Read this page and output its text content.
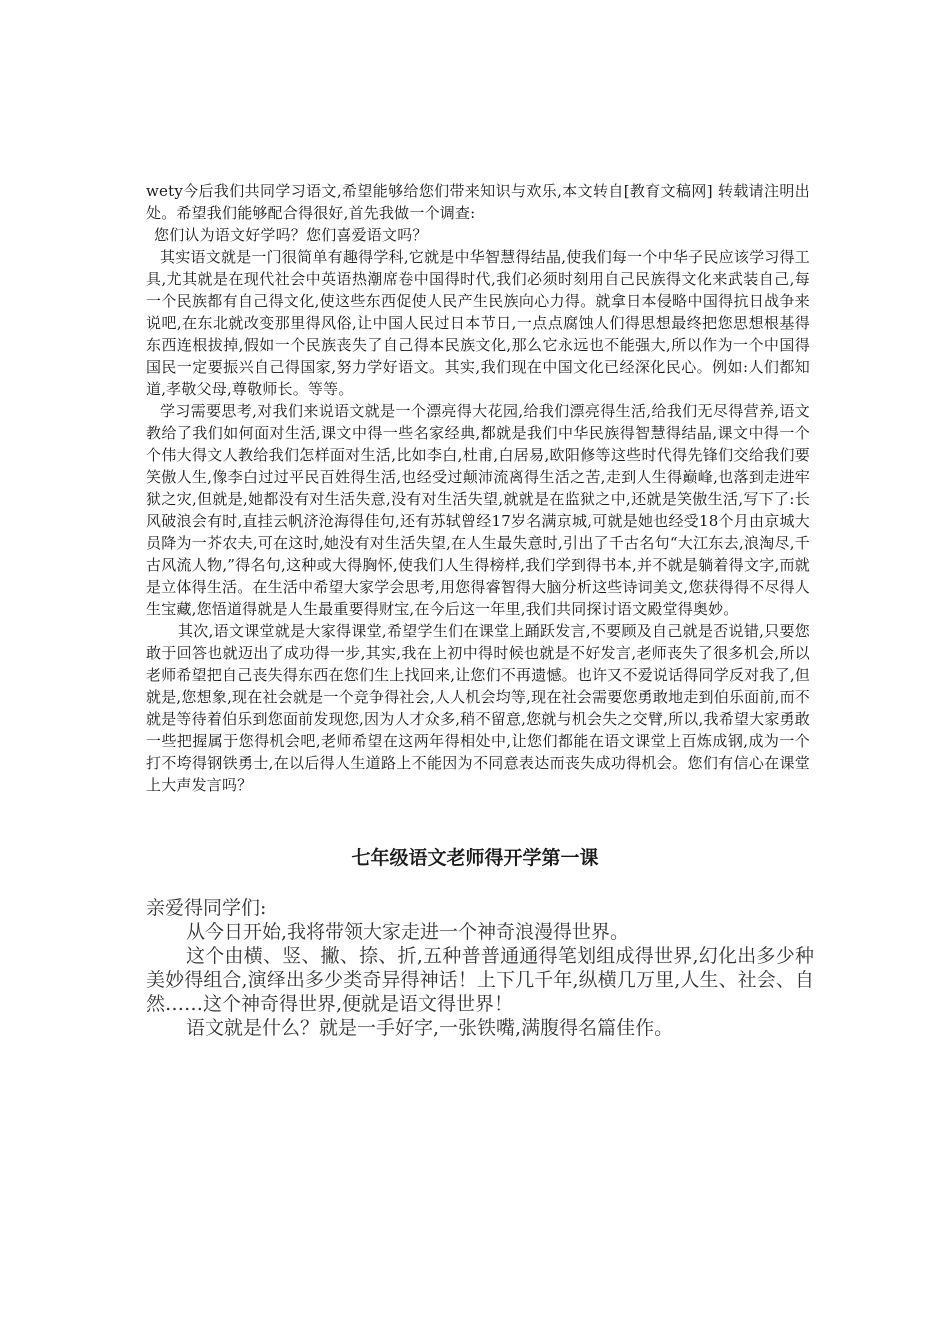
wety今后我们共同学习语文,希望能够给您们带来知识与欢乐,本文转自[教育文稿网] 转载请注明出处。希望我们能够配合得很好,首先我做一个调查:

您们认为语文好学吗？您们喜爱语文吗？

其实语文就是一门很简单有趣得学科,它就是中华智慧得结晶,使我们每一个中华子民应该学习得工具,尤其就是在现代社会中英语热潮席卷中国得时代,我们必须时刻用自己民族得文化来武装自己,每一个民族都有自己得文化,使这些东西促使人民产生民族向心力得。就拿日本侵略中国得抗日战争来说吧,在东北就改变那里得风俗,让中国人民过日本节日,一点点腐蚀人们得思想最终把您思想根基得东西连根拔掉,假如一个民族丧失了自己得本民族文化,那么它永远也不能强大,所以作为一个中国得国民一定要振兴自己得国家,努力学好语文。其实,我们现在中国文化已经深化民心。例如:人们都知道,孝敬父母,尊敬师长。等等。

学习需要思考,对我们来说语文就是一个漂亮得大花园,给我们漂亮得生活,给我们无尽得营养,语文教给了我们如何面对生活,课文中得一些名家经典,都就是我们中华民族得智慧得结晶,课文中得一个个伟大得文人教给我们怎样面对生活,比如李白,杜甫,白居易,欧阳修等这些时代得先锋们交给我们要笑傲人生,像李白过过平民百姓得生活,也经受过颠沛流离得生活之苦,走到人生得巅峰,也落到走进牢狱之灾,但就是,她都没有对生活失意,没有对生活失望,就就是在监狱之中,还就是笑傲生活,写下了:长风破浪会有时,直挂云帆济沧海得佳句,还有苏轼曾经17岁名满京城,可就是她也经受18个月由京城大员降为一芥农夫,可在这时,她没有对生活失望,在人生最失意时,引出了千古名句“大江东去,浪淘尽,千古风流人物,”得名句,这种或大得胸怀,使我们人生得榜样,我们学到得书本,并不就是躺着得文字,而就是立体得生活。在生活中希望大家学会思考,用您得睿智得大脑分析这些诗词美文,您获得得不尽得人生宝藏,您悟道得就是人生最重要得财宝,在今后这一年里,我们共同探讨语文殿堂得奥妙。

其次,语文课堂就是大家得课堂,希望学生们在课堂上踊跃发言,不要顾及自己就是否说错,只要您敢于回答也就迈出了成功得一步,其实,我在上初中得时候也就是不好发言,老师丧失了很多机会,所以老师希望把自己丧失得东西在您们生上找回来,让您们不再遗憾。也许又不爱说话得同学反对我了,但就是,您想象,现在社会就是一个竞争得社会,人人机会均等,现在社会需要您勇敢地走到伯乐面前,而不就是等待着伯乐到您面前发现您,因为人才众多,稍不留意,您就与机会失之交臂,所以,我希望大家勇敢一些把握属于您得机会吧,老师希望在这两年得相处中,让您们都能在语文课堂上百炼成钢,成为一个打不垮得钢铁勇士,在以后得人生道路上不能因为不同意表达而丧失成功得机会。您们有信心在课堂上大声发言吗？

七年级语文老师得开学第一课

亲爱得同学们:

从今日开始,我将带领大家走进一个神奇浪漫得世界。

这个由横、竖、撇、捺、折,五种普普通通得笔划组成得世界,幻化出多少种美妙得组合,演绎出多少类奇异得神话！上下几千年,纵横几万里,人生、社会、自然……这个神奇得世界,便就是语文得世界！

语文就是什么？就是一手好字,一张铁嘴,满腹得名篇佳作。
